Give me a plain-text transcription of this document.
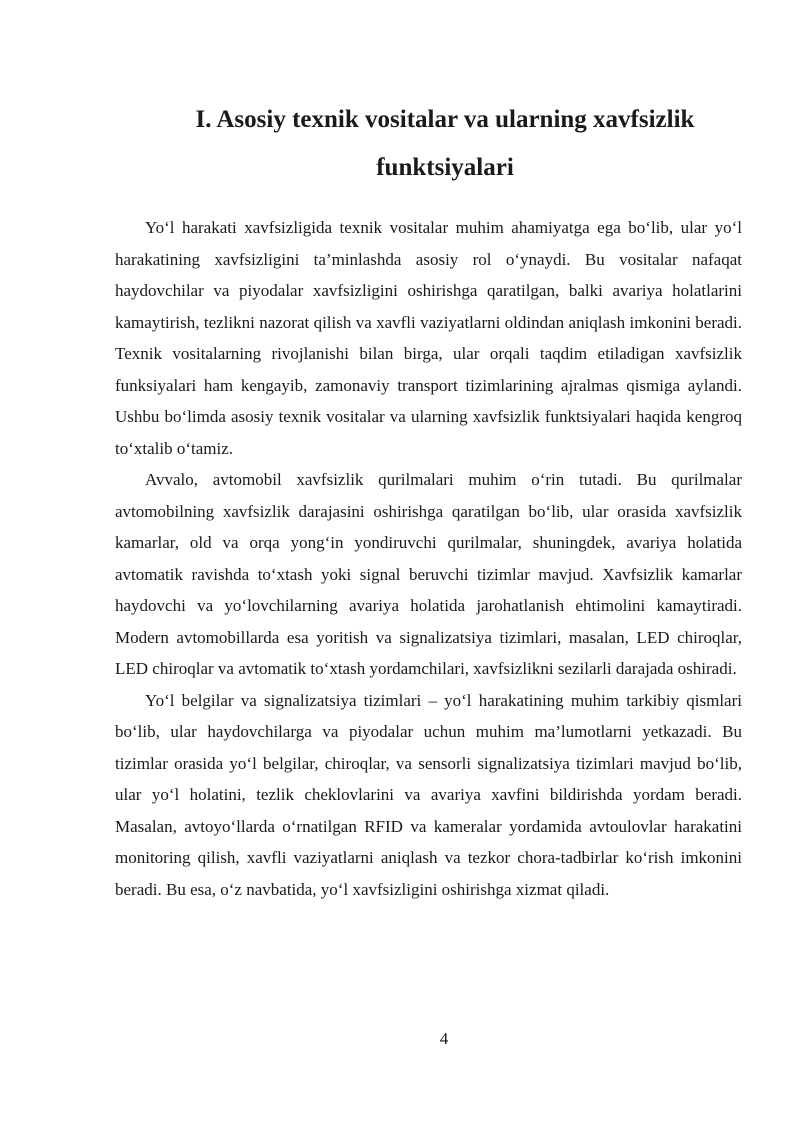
I. Asosiy texnik vositalar va ularning xavfsizlik funktsiyalari

Yo‘l harakati xavfsizligida texnik vositalar muhim ahamiyatga ega bo‘lib, ular yo‘l harakatining xavfsizligini ta’minlashda asosiy rol o‘ynaydi. Bu vositalar nafaqat haydovchilar va piyodalar xavfsizligini oshirishga qaratilgan, balki avariya holatlarini kamaytirish, tezlikni nazorat qilish va xavfli vaziyatlarni oldindan aniqlash imkonini beradi. Texnik vositalarning rivojlanishi bilan birga, ular orqali taqdim etiladigan xavfsizlik funksiyalari ham kengayib, zamonaviy transport tizimlarining ajralmas qismiga aylandi. Ushbu bo‘limda asosiy texnik vositalar va ularning xavfsizlik funktsiyalari haqida kengroq to‘xtalib o‘tamiz.

Avvalo, avtomobil xavfsizlik qurilmalari muhim o‘rin tutadi. Bu qurilmalar avtomobilning xavfsizlik darajasini oshirishga qaratilgan bo‘lib, ular orasida xavfsizlik kamarlar, old va orqa yong‘in yondiruvchi qurilmalar, shuningdek, avariya holatida avtomatik ravishda to‘xtash yoki signal beruvchi tizimlar mavjud. Xavfsizlik kamarlar haydovchi va yo‘lovchilarning avariya holatida jarohatlanish ehtimolini kamaytiradi. Modern avtomobillarda esa yoritish va signalizatsiya tizimlari, masalan, LED chiroqlar, LED chiroqlar va avtomatik to‘xtash yordamchilari, xavfsizlikni sezilarli darajada oshiradi.

Yo‘l belgilar va signalizatsiya tizimlari – yo‘l harakatining muhim tarkibiy qismlari bo‘lib, ular haydovchilarga va piyodalar uchun muhim ma’lumotlarni yetkazadi. Bu tizimlar orasida yo‘l belgilar, chiroqlar, va sensorli signalizatsiya tizimlari mavjud bo‘lib, ular yo‘l holatini, tezlik cheklovlarini va avariya xavfini bildirishda yordam beradi. Masalan, avtoyo‘llarda o‘rnatilgan RFID va kameralar yordamida avtoulovlar harakatini monitoring qilish, xavfli vaziyatlarni aniqlash va tezkor chora-tadbirlar ko‘rish imkonini beradi. Bu esa, o‘z navbatida, yo‘l xavfsizligini oshirishga xizmat qiladi.

4
